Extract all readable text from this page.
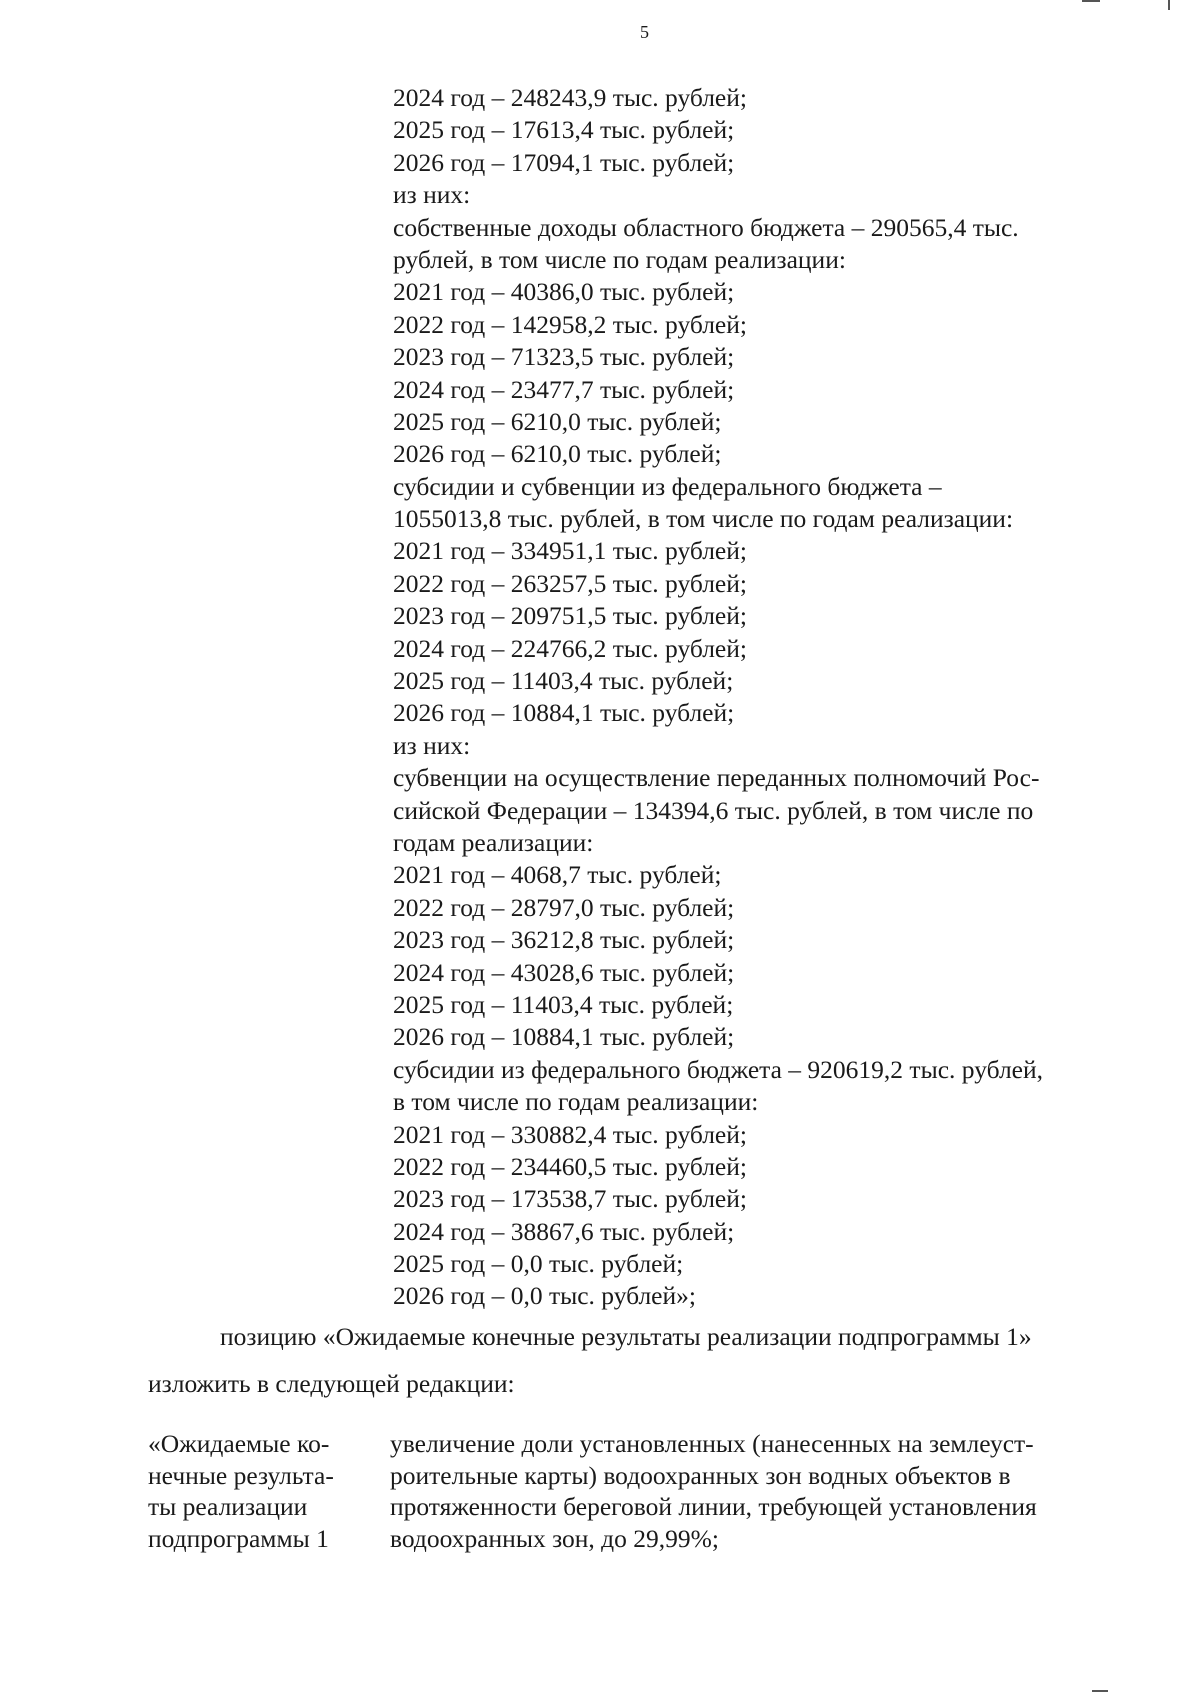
5
2024 год – 248243,9 тыс. рублей;
2025 год – 17613,4 тыс. рублей;
2026 год – 17094,1 тыс. рублей;
из них:
собственные доходы областного бюджета – 290565,4 тыс.
рублей, в том числе по годам реализации:
2021 год – 40386,0 тыс. рублей;
2022 год – 142958,2 тыс. рублей;
2023 год – 71323,5 тыс. рублей;
2024 год – 23477,7 тыс. рублей;
2025 год – 6210,0 тыс. рублей;
2026 год – 6210,0 тыс. рублей;
субсидии и субвенции из федерального бюджета –
1055013,8 тыс. рублей, в том числе по годам реализации:
2021 год – 334951,1 тыс. рублей;
2022 год – 263257,5 тыс. рублей;
2023 год – 209751,5 тыс. рублей;
2024 год – 224766,2 тыс. рублей;
2025 год – 11403,4 тыс. рублей;
2026 год – 10884,1 тыс. рублей;
из них:
субвенции на осуществление переданных полномочий Рос-
сийской Федерации – 134394,6 тыс. рублей, в том числе по
годам реализации:
2021 год – 4068,7 тыс. рублей;
2022 год – 28797,0 тыс. рублей;
2023 год – 36212,8 тыс. рублей;
2024 год – 43028,6 тыс. рублей;
2025 год – 11403,4 тыс. рублей;
2026 год – 10884,1 тыс. рублей;
субсидии из федерального бюджета – 920619,2 тыс. рублей,
в том числе по годам реализации:
2021 год – 330882,4 тыс. рублей;
2022 год – 234460,5 тыс. рублей;
2023 год – 173538,7 тыс. рублей;
2024 год – 38867,6 тыс. рублей;
2025 год – 0,0 тыс. рублей;
2026 год – 0,0 тыс. рублей»;
позицию «Ожидаемые конечные результаты реализации подпрограммы 1»
изложить в следующей редакции:
«Ожидаемые ко-
нечные результа-
ты реализации
подпрограммы 1
увеличение доли установленных (нанесенных на землеуст-
роительные карты) водоохранных зон водных объектов в
протяженности береговой линии, требующей установления
водоохранных зон, до 29,99%;
